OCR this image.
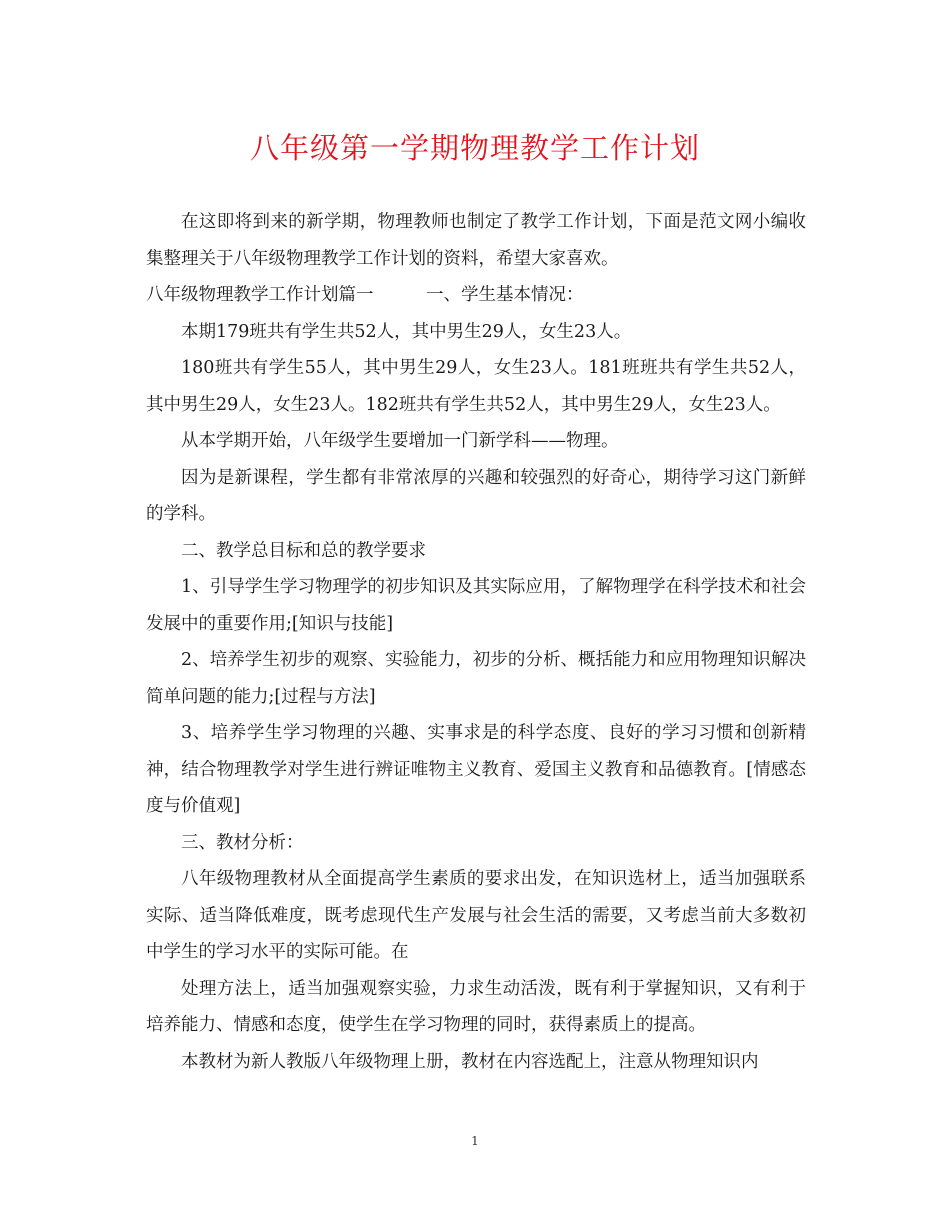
八年级第一学期物理教学工作计划

在这即将到来的新学期，物理教师也制定了教学工作计划，下面是范文网小编收集整理关于八年级物理教学工作计划的资料，希望大家喜欢。

八年级物理教学工作计划篇一　　　一、学生基本情况：

本期179班共有学生共52人，其中男生29人，女生23人。

180班共有学生55人，其中男生29人，女生23人。181班班共有学生共52人，其中男生29人，女生23人。182班共有学生共52人，其中男生29人，女生23人。

从本学期开始，八年级学生要增加一门新学科——物理。

因为是新课程，学生都有非常浓厚的兴趣和较强烈的好奇心，期待学习这门新鲜的学科。

二、教学总目标和总的教学要求

1、引导学生学习物理学的初步知识及其实际应用，了解物理学在科学技术和社会发展中的重要作用;[知识与技能]

2、培养学生初步的观察、实验能力，初步的分析、概括能力和应用物理知识解决简单问题的能力;[过程与方法]

3、培养学生学习物理的兴趣、实事求是的科学态度、良好的学习习惯和创新精神，结合物理教学对学生进行辨证唯物主义教育、爱国主义教育和品德教育。[情感态度与价值观]

三、教材分析：

八年级物理教材从全面提高学生素质的要求出发，在知识选材上，适当加强联系实际、适当降低难度，既考虑现代生产发展与社会生活的需要，又考虑当前大多数初中学生的学习水平的实际可能。在

处理方法上，适当加强观察实验，力求生动活泼，既有利于掌握知识，又有利于培养能力、情感和态度，使学生在学习物理的同时，获得素质上的提高。

本教材为新人教版八年级物理上册，教材在内容选配上，注意从物理知识内

1
